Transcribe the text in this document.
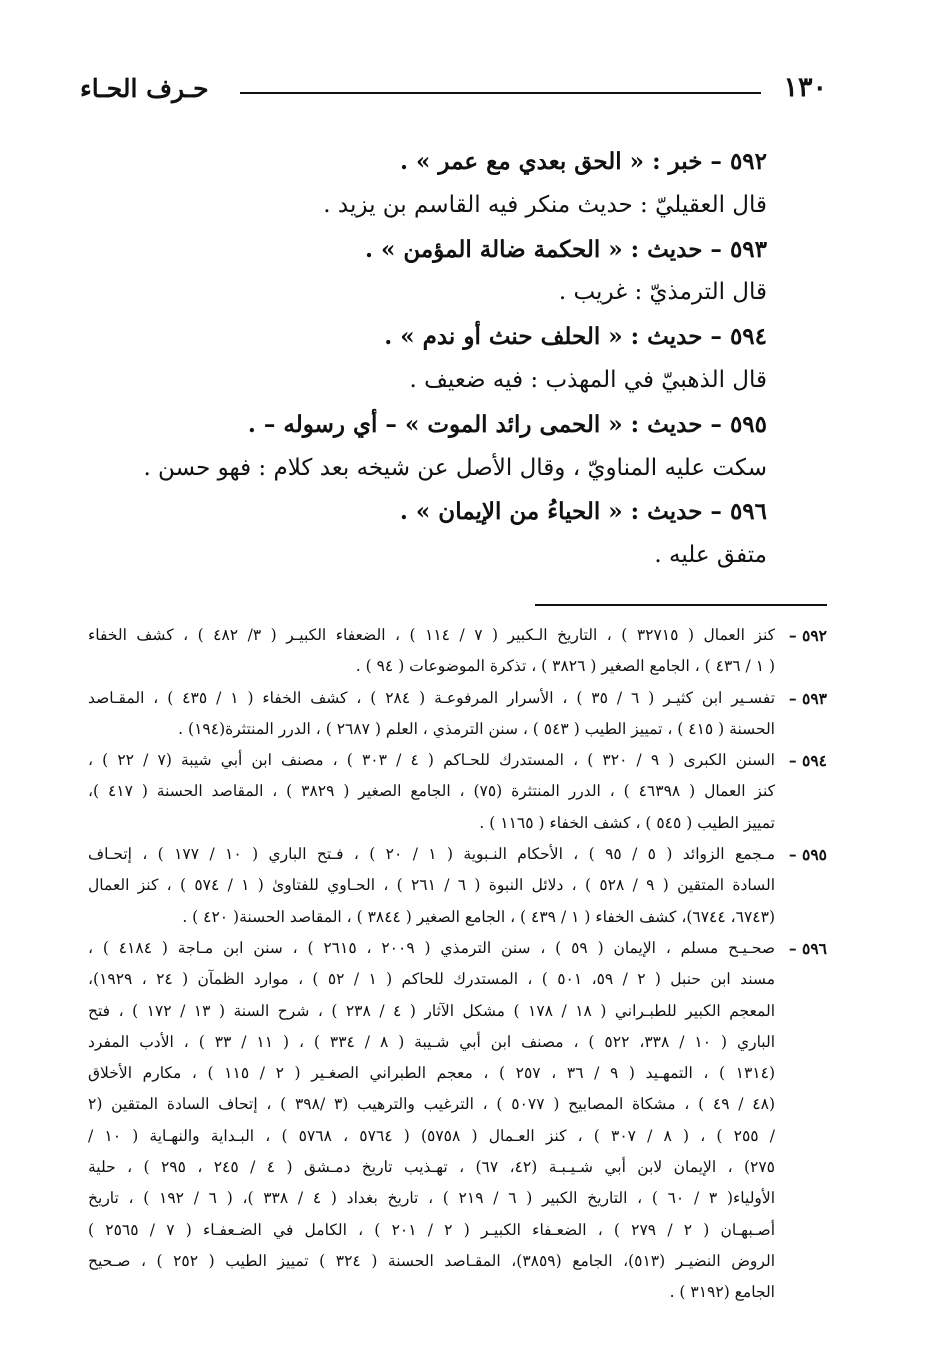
١٣٠
حـرف الحـاء
٥٩٢ – خبر : « الحق بعدي مع عمر » .
قال العقيليّ : حديث منكر فيه القاسم بن يزيد .
٥٩٣ – حديث : « الحكمة ضالة المؤمن » .
قال الترمذيّ : غريب .
٥٩٤ – حديث : « الحلف حنث أو ندم » .
قال الذهبيّ في المهذب : فيه ضعيف .
٥٩٥ – حديث : « الحمى رائد الموت » – أي رسوله – .
سكت عليه المناويّ ، وقال الأصل عن شيخه بعد كلام : فهو حسن .
٥٩٦ – حديث : « الحياءُ من الإيمان » .
متفق عليه .
٥٩٢ –
كنز العمال ( ٣٢٧١٥ ) ، التاريخ الـكبير ( ٧ / ١١٤ ) ، الضعفاء الكبيـر ( ٣/ ٤٨٢ ) ، كشف الخفاء
( ١ / ٤٣٦ ) ، الجامع الصغير ( ٣٨٢٦ ) ، تذكرة الموضوعات ( ٩٤ ) .
٥٩٣ –
تفسـير ابن كثيـر ( ٦ / ٣٥ ) ، الأسرار المرفوعـة ( ٢٨٤ ) ، كشف الخفاء ( ١ / ٤٣٥ ) ، المقـاصد
الحسنة ( ٤١٥ ) ، تمييز الطيب ( ٥٤٣ ) ، سنن الترمذي ، العلم ( ٢٦٨٧ ) ، الدرر المنتثرة(١٩٤) .
٥٩٤ –
السنن الكبرى ( ٩ / ٣٢٠ ) ، المستدرك للحـاكم ( ٤ / ٣٠٣ ) ، مصنف ابن أبي شيبة (٧ / ٢٢ ) ،
كنز العمال ( ٤٦٣٩٨ ) ، الدرر المنتثرة (٧٥) ، الجامع الصغير ( ٣٨٢٩ ) ، المقاصد الحسنة ( ٤١٧ )،
تمييز الطيب ( ٥٤٥ ) ، كشف الخفاء ( ١١٦٥ ) .
٥٩٥ –
مـجمع الزوائد ( ٥ / ٩٥ ) ، الأحكام النـبوية ( ١ / ٢٠ ) ، فـتح الباري ( ١٠ / ١٧٧ ) ، إتحـاف
السادة المتقين ( ٩ / ٥٢٨ ) ، دلائل النبوة ( ٦ / ٢٦١ ) ، الحـاوي للفتاوىٰ ( ١ / ٥٧٤ ) ، كنز العمال
(٦٧٤٣، ٦٧٤٤)، كشف الخفاء ( ١ / ٤٣٩ ) ، الجامع الصغير ( ٣٨٤٤ ) ، المقاصد الحسنة( ٤٢٠ ) .
٥٩٦ –
صحـيـح مسلم ، الإيمان ( ٥٩ ) ، سنن الترمذي ( ٢٠٠٩ ، ٢٦١٥ ) ، سنن ابن مـاجة ( ٤١٨٤ ) ،
مسند ابن حنبل ( ٢ / ٥٩، ٥٠١ ) ، المستدرك للحاكم ( ١ / ٥٢ ) ، موارد الظمآن ( ٢٤ ، ١٩٢٩)،
المعجم الكبير للطبـراني ( ١٨ / ١٧٨ ) مشكل الآثار ( ٤ / ٢٣٨ ) ، شرح السنة ( ١٣ / ١٧٢ ) ، فتح
الباري ( ١٠ / ٣٣٨، ٥٢٢ ) ، مصنف ابن أبي شـيبة ( ٨ / ٣٣٤ ) ، ( ١١ / ٣٣ ) ، الأدب المفرد
(١٣١٤ ) ، التمهـيد ( ٩ / ٣٦ ، ٢٥٧ ) ، معجم الطبراني الصغـير ( ٢ / ١١٥ ) ، مكارم الأخلاق
(٤٨ / ٤٩ ) ، مشكاة المصابيح ( ٥٠٧٧ ) ، الترغيب والترهيب (٣ /٣٩٨ ) ، إتحاف السادة المتقين (٢
/ ٢٥٥ ) ، ( ٨ / ٣٠٧ ) ، كنز العـمال ( ٥٧٥٨) ( ٥٧٦٤ ، ٥٧٦٨ ) ، البـداية والنهـاية ( ١٠ /
٢٧٥) ، الإيمان لابن أبي شـيـبـة (٤٢، ٦٧) ، تهـذيب تاريخ دمـشق ( ٤ / ٢٤٥ ، ٢٩٥ ) ، حلية
الأولياء( ٣ / ٦٠ ) ، التاريخ الكبير ( ٦ / ٢١٩ ) ، تاريخ بغداد ( ٤ / ٣٣٨ )، ( ٦ / ١٩٢ ) ، تاريخ
أصـبهـان ( ٢ / ٢٧٩ ) ، الضعـفاء الكبيـر ( ٢ / ٢٠١ ) ، الكامل في الضـعفـاء ( ٧ / ٢٥٦٥ )
الروض النضيـر (٥١٣)، الجامع (٣٨٥٩)، المقـاصد الحسنة ( ٣٢٤ ) تمييز الطيب ( ٢٥٢ ) ، صـحيح
الجامع (٣١٩٢ ) .
